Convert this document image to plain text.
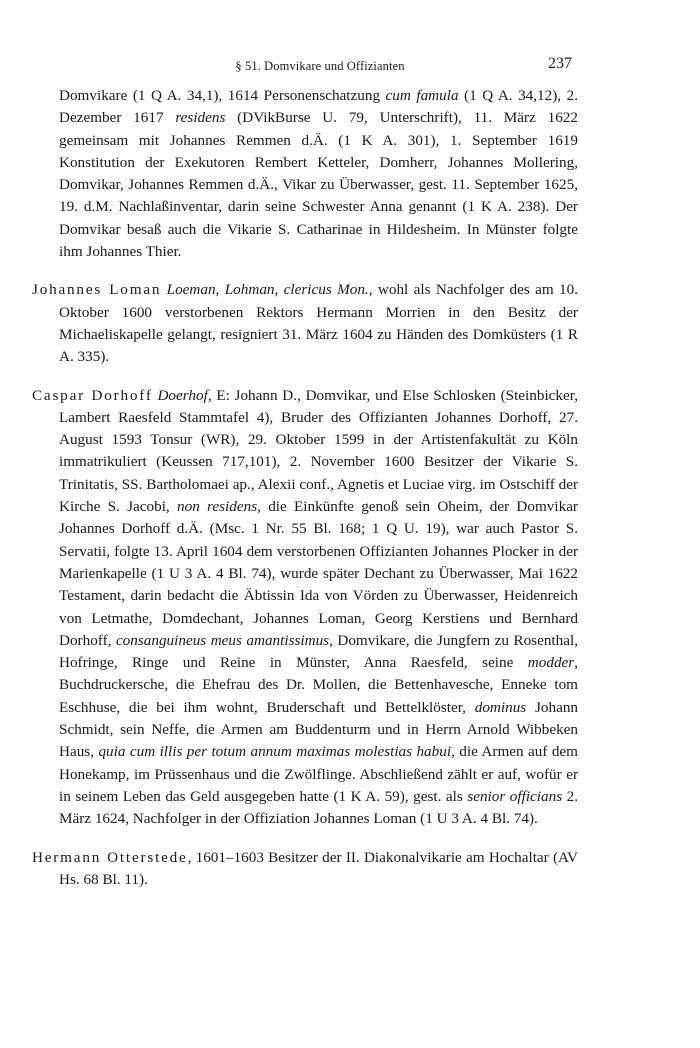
§ 51. Domvikare und Offizianten	237

Domvikare (1 Q A. 34,1), 1614 Personenschatzung cum famula (1 Q A. 34,12), 2. Dezember 1617 residens (DVikBurse U. 79, Unterschrift), 11. März 1622 gemeinsam mit Johannes Remmen d.Ä. (1 K A. 301), 1. September 1619 Konstitution der Exekutoren Rembert Ketteler, Domherr, Johannes Mollering, Domvikar, Johannes Remmen d.Ä., Vikar zu Überwasser, gest. 11. September 1625, 19. d.M. Nachlaßinventar, darin seine Schwester Anna genannt (1 K A. 238). Der Domvikar besaß auch die Vikarie S. Catharinae in Hildesheim. In Münster folgte ihm Johannes Thier.

Johannes Loman Loeman, Lohman, clericus Mon., wohl als Nachfolger des am 10. Oktober 1600 verstorbenen Rektors Hermann Morrien in den Besitz der Michaeliskapelle gelangt, resigniert 31. März 1604 zu Händen des Domküsters (1 R A. 335).

Caspar Dorhoff Doerhof, E: Johann D., Domvikar, und Else Schlosken (Steinbicker, Lambert Raesfeld Stammtafel 4), Bruder des Offizianten Johannes Dorhoff, 27. August 1593 Tonsur (WR), 29. Oktober 1599 in der Artistenfakultät zu Köln immatrikuliert (Keussen 717,101), 2. November 1600 Besitzer der Vikarie S. Trinitatis, SS. Bartholomaei ap., Alexii conf., Agnetis et Luciae virg. im Ostschiff der Kirche S. Jacobi, non residens, die Einkünfte genoß sein Oheim, der Domvikar Johannes Dorhoff d.Ä. (Msc. 1 Nr. 55 Bl. 168; 1 Q U. 19), war auch Pastor S. Servatii, folgte 13. April 1604 dem verstorbenen Offizianten Johannes Plocker in der Marienkapelle (1 U 3 A. 4 Bl. 74), wurde später Dechant zu Überwasser, Mai 1622 Testament, darin bedacht die Äbtissin Ida von Vörden zu Überwasser, Heidenreich von Letmathe, Domdechant, Johannes Loman, Georg Kerstiens und Bernhard Dorhoff, consanguineus meus amantissimus, Domvikare, die Jungfern zu Rosenthal, Hofringe, Ringe und Reine in Münster, Anna Raesfeld, seine modder, Buchdruckersche, die Ehefrau des Dr. Mollen, die Bettenhavesche, Enneke tom Eschhuse, die bei ihm wohnt, Bruderschaft und Bettelklöster, dominus Johann Schmidt, sein Neffe, die Armen am Buddenturm und in Herrn Arnold Wibbeken Haus, quia cum illis per totum annum maximas molestias habui, die Armen auf dem Honekamp, im Prüssenhaus und die Zwölflinge. Abschließend zählt er auf, wofür er in seinem Leben das Geld ausgegeben hatte (1 K A. 59), gest. als senior officians 2. März 1624, Nachfolger in der Offiziation Johannes Loman (1 U 3 A. 4 Bl. 74).

Hermann Otterstede, 1601–1603 Besitzer der II. Diakonalvikarie am Hochaltar (AV Hs. 68 Bl. 11).
